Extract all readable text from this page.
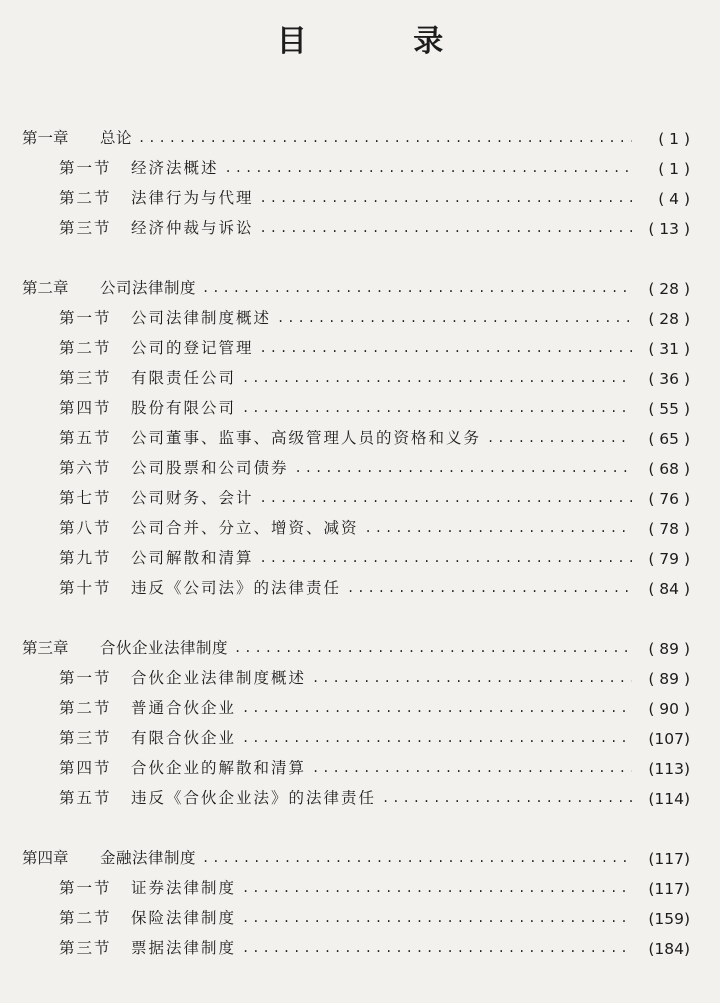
目 录
第一章	总论 .....	( 1 )
第一节	经济法概述 .....	( 1 )
第二节	法律行为与代理 .....	( 4 )
第三节	经济仲裁与诉讼 .....	( 13 )
第二章	公司法律制度 .....	( 28 )
第一节	公司法律制度概述 .....	( 28 )
第二节	公司的登记管理 .....	( 31 )
第三节	有限责任公司 .....	( 36 )
第四节	股份有限公司 .....	( 55 )
第五节	公司董事、监事、高级管理人员的资格和义务 .....	( 65 )
第六节	公司股票和公司债券 .....	( 68 )
第七节	公司财务、会计 .....	( 76 )
第八节	公司合并、分立、增资、减资 .....	( 78 )
第九节	公司解散和清算 .....	( 79 )
第十节	违反《公司法》的法律责任 .....	( 84 )
第三章	合伙企业法律制度 .....	( 89 )
第一节	合伙企业法律制度概述 .....	( 89 )
第二节	普通合伙企业 .....	( 90 )
第三节	有限合伙企业 .....	(107)
第四节	合伙企业的解散和清算 .....	(113)
第五节	违反《合伙企业法》的法律责任 .....	(114)
第四章	金融法律制度 .....	(117)
第一节	证券法律制度 .....	(117)
第二节	保险法律制度 .....	(159)
第三节	票据法律制度 .....	(184)
